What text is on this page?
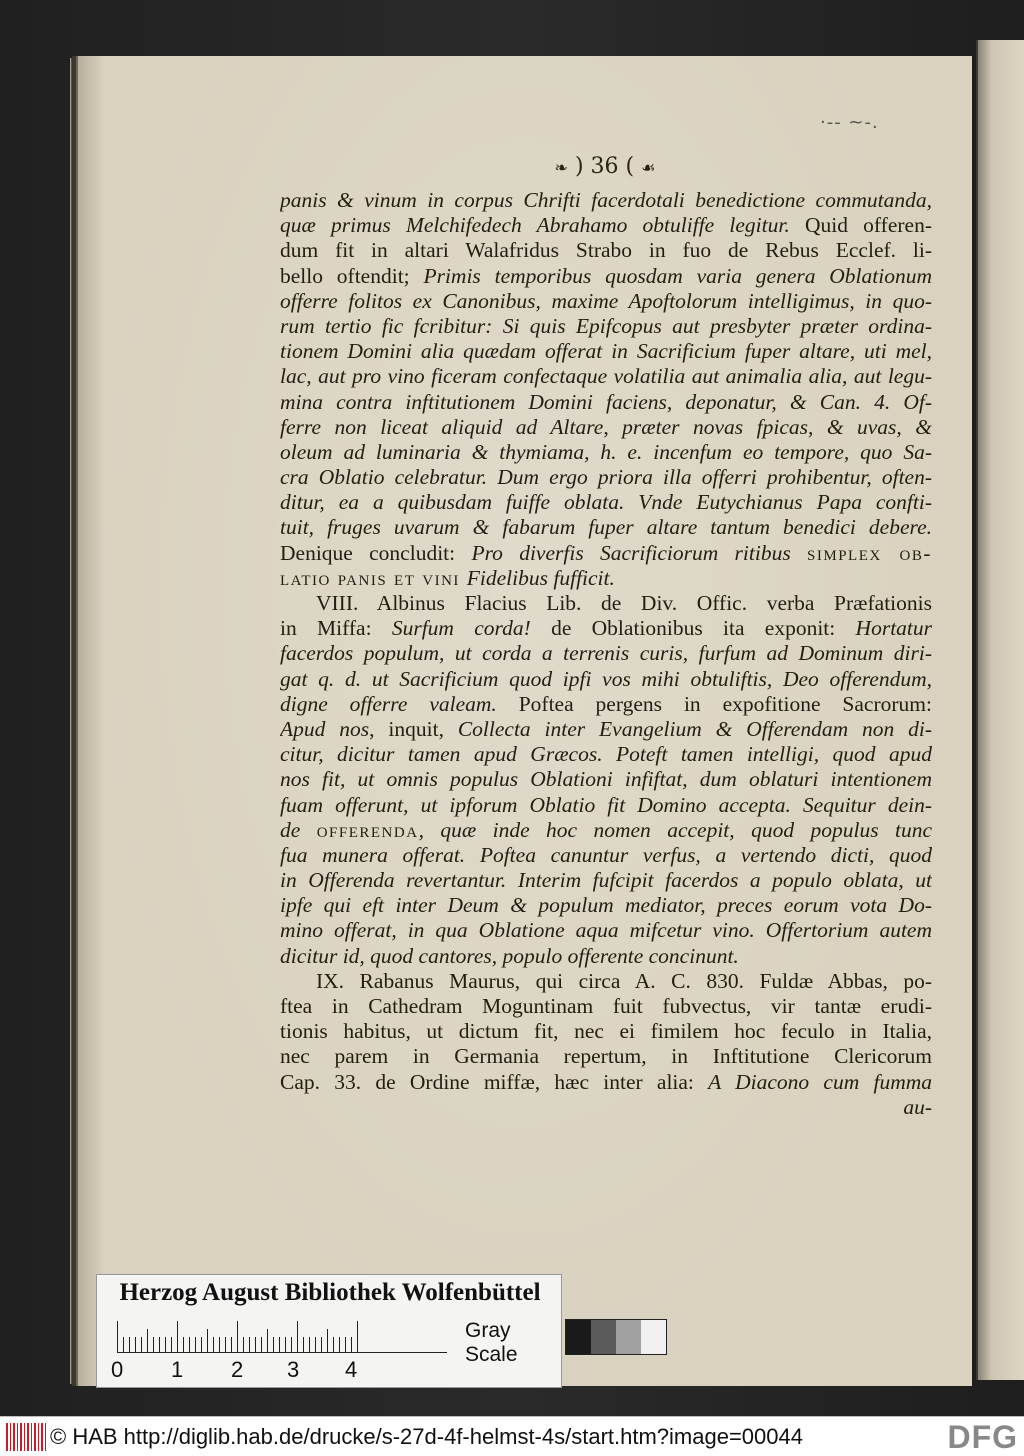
·-- ~-.
❧ ) 36 ( ☙
panis & vinum in corpus Chrifti facerdotali benedictione commutanda,
quæ primus Melchifedech Abrahamo obtuliffe legitur. Quid offeren-
dum fit in altari Walafridus Strabo in fuo de Rebus Ecclef. li-
bello oftendit; Primis temporibus quosdam varia genera Oblationum
offerre folitos ex Canonibus, maxime Apoftolorum intelligimus, in quo-
rum tertio fic fcribitur: Si quis Epifcopus aut presbyter præter ordina-
tionem Domini alia quædam offerat in Sacrificium fuper altare, uti mel,
lac, aut pro vino ficeram confectaque volatilia aut animalia alia, aut legu-
mina contra inftitutionem Domini faciens, deponatur, & Can. 4. Of-
ferre non liceat aliquid ad Altare, præter novas fpicas, & uvas, &
oleum ad luminaria & thymiama, h. e. incenfum eo tempore, quo Sa-
cra Oblatio celebratur. Dum ergo priora illa offerri prohibentur, often-
ditur, ea a quibusdam fuiffe oblata. Vnde Eutychianus Papa confti-
tuit, fruges uvarum & fabarum fuper altare tantum benedici debere.
Denique concludit: Pro diverfis Sacrificiorum ritibus simplex ob-
latio panis et vini Fidelibus fufficit.
VIII. Albinus Flacius Lib. de Div. Offic. verba Præfationis
in Miffa: Surfum corda! de Oblationibus ita exponit: Hortatur
facerdos populum, ut corda a terrenis curis, furfum ad Dominum diri-
gat q. d. ut Sacrificium quod ipfi vos mihi obtuliftis, Deo offerendum,
digne offerre valeam. Poftea pergens in expofitione Sacrorum:
Apud nos, inquit, Collecta inter Evangelium & Offerendam non di-
citur, dicitur tamen apud Græcos. Poteft tamen intelligi, quod apud
nos fit, ut omnis populus Oblationi infiftat, dum oblaturi intentionem
fuam offerunt, ut ipforum Oblatio fit Domino accepta. Sequitur dein-
de offerenda, quæ inde hoc nomen accepit, quod populus tunc
fua munera offerat. Poftea canuntur verfus, a vertendo dicti, quod
in Offerenda revertantur. Interim fufcipit facerdos a populo oblata, ut
ipfe qui eft inter Deum & populum mediator, preces eorum vota Do-
mino offerat, in qua Oblatione aqua mifcetur vino. Offertorium autem
dicitur id, quod cantores, populo offerente concinunt.
IX. Rabanus Maurus, qui circa A. C. 830. Fuldæ Abbas, po-
ftea in Cathedram Moguntinam fuit fubvectus, vir tantæ erudi-
tionis habitus, ut dictum fit, nec ei fimilem hoc feculo in Italia,
nec parem in Germania repertum, in Inftitutione Clericorum
Cap. 33. de Ordine miffæ, hæc inter alia: A Diacono cum fumma
au-
Herzog August Bibliothek Wolfenbüttel
0 1 2 3 4
Gray Scale
© HAB http://diglib.hab.de/drucke/s-27d-4f-helmst-4s/start.htm?image=00044	DFG
